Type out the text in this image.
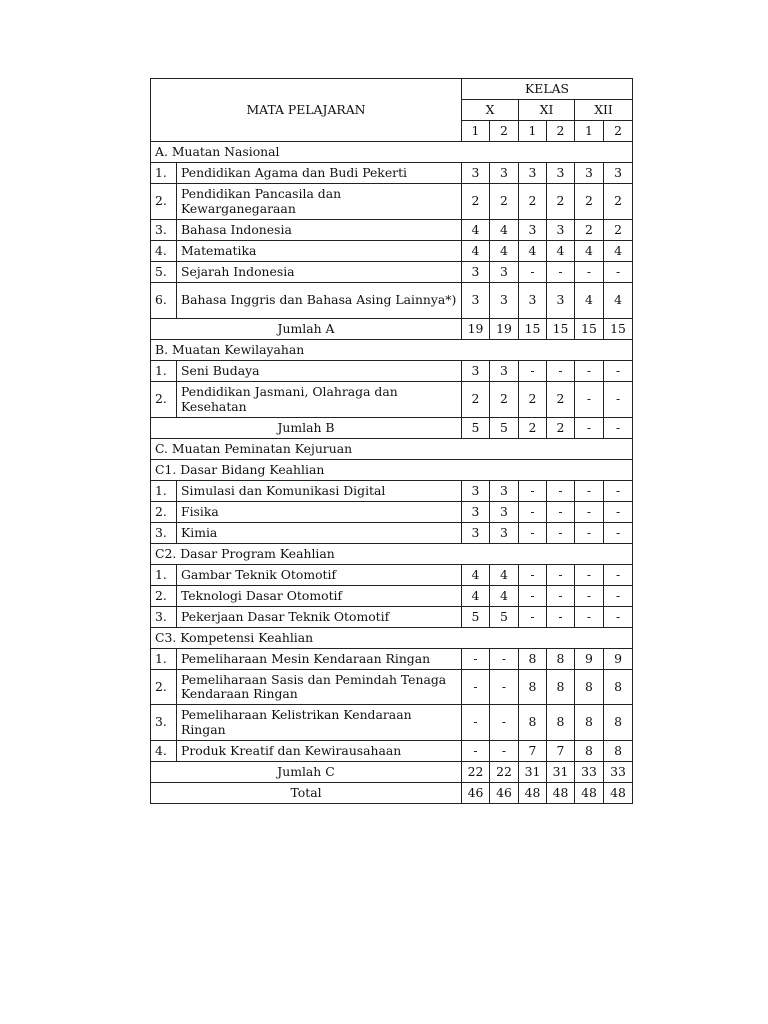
MATA PELAJARAN		KELAS					
		X		XI		XII	
		1	2	1	2	1	2
A. Muatan Nasional							
1.	Pendidikan Agama dan Budi Pekerti	3	3	3	3	3	3
2.	Pendidikan Pancasila dan Kewarganegaraan	2	2	2	2	2	2
3.	Bahasa Indonesia	4	4	3	3	2	2
4.	Matematika	4	4	4	4	4	4
5.	Sejarah Indonesia	3	3	-	-	-	-
6.	Bahasa Inggris dan Bahasa Asing Lainnya*)	3	3	3	3	4	4
Jumlah A		19	19	15	15	15	15
B. Muatan Kewilayahan							
1.	Seni Budaya	3	3	-	-	-	-
2.	Pendidikan Jasmani, Olahraga dan Kesehatan	2	2	2	2	-	-
Jumlah B		5	5	2	2	-	-
C. Muatan Peminatan Kejuruan							
C1. Dasar Bidang Keahlian							
1.	Simulasi dan Komunikasi Digital	3	3	-	-	-	-
2.	Fisika	3	3	-	-	-	-
3.	Kimia	3	3	-	-	-	-
C2. Dasar Program Keahlian							
1.	Gambar Teknik Otomotif	4	4	-	-	-	-
2.	Teknologi Dasar Otomotif	4	4	-	-	-	-
3.	Pekerjaan Dasar Teknik Otomotif	5	5	-	-	-	-
C3. Kompetensi Keahlian							
1.	Pemeliharaan Mesin Kendaraan Ringan	-	-	8	8	9	9
2.	Pemeliharaan Sasis dan Pemindah Tenaga Kendaraan Ringan	-	-	8	8	8	8
3.	Pemeliharaan Kelistrikan Kendaraan Ringan	-	-	8	8	8	8
4.	Produk Kreatif dan Kewirausahaan	-	-	7	7	8	8
Jumlah C		22	22	31	31	33	33
Total		46	46	48	48	48	48
